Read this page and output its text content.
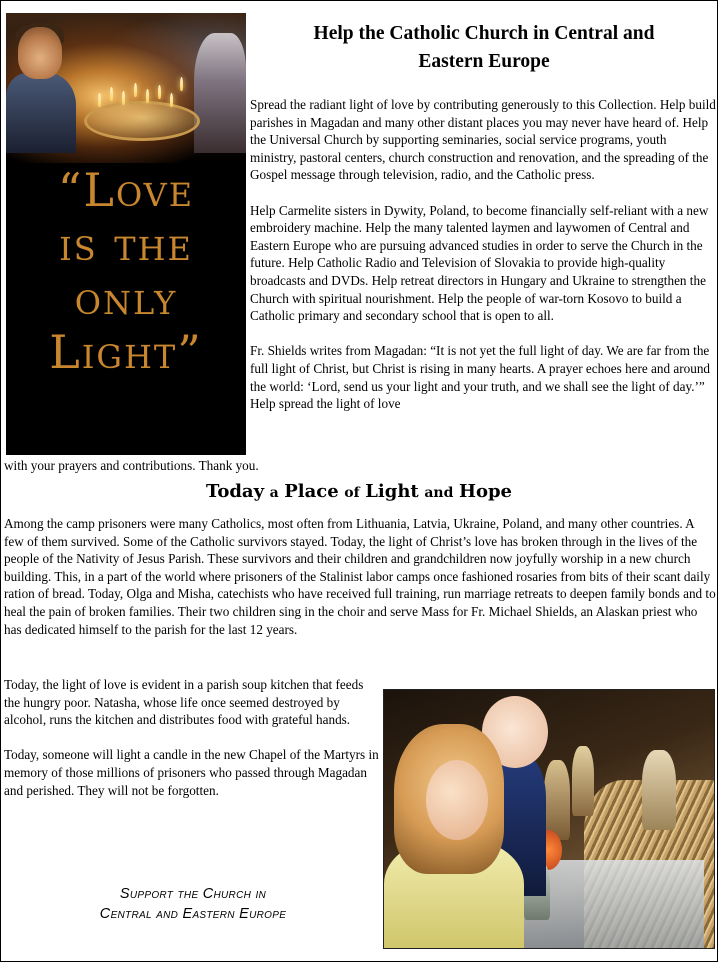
“Love
is the
only
Light”
Help the Catholic Church in Central and
Eastern Europe

Spread the radiant light of love by contributing generously to this Collection. Help build parishes in Magadan and many other distant places you may never have heard of. Help the Universal Church by supporting seminaries, social service programs, youth ministry, pastoral centers, church construction and renovation, and the spreading of the Gospel message through television, radio, and the Catholic press.

Help Carmelite sisters in Dywity, Poland, to become financially self-reliant with a new embroidery machine. Help the many talented laymen and laywomen of Central and Eastern Europe who are pursuing advanced studies in order to serve the Church in the future. Help Catholic Radio and Television of Slovakia to provide high-quality broadcasts and DVDs. Help retreat directors in Hungary and Ukraine to strengthen the Church with spiritual nourishment. Help the people of war-torn Kosovo to build a Catholic primary and secondary school that is open to all.

Fr. Shields writes from Magadan: “It is not yet the full light of day. We are far from the full light of Christ, but Christ is rising in many hearts. A prayer echoes here and around the world: ‘Lord, send us your light and your truth, and we shall see the light of day.’” Help spread the light of love

with your prayers and contributions. Thank you.
Today a Place of Light and Hope

Among the camp prisoners were many Catholics, most often from Lithuania, Latvia, Ukraine, Poland, and many other countries. A few of them survived. Some of the Catholic survivors stayed. Today, the light of Christ’s love has broken through in the lives of the people of the Nativity of Jesus Parish. These survivors and their children and grandchildren now joyfully worship in a new church building. This, in a part of the world where prisoners of the Stalinist labor camps once fashioned rosaries from bits of their scant daily ration of bread. Today, Olga and Misha, catechists who have received full training, run marriage retreats to deepen family bonds and to heal the pain of broken families. Their two children sing in the choir and serve Mass for Fr. Michael Shields, an Alaskan priest who has dedicated himself to the parish for the last 12 years.

Today, the light of love is evident in a parish soup kitchen that feeds the hungry poor. Natasha, whose life once seemed destroyed by alcohol, runs the kitchen and distributes food with grateful hands.

Today, someone will light a candle in the new Chapel of the Martyrs in memory of those millions of prisoners who passed through Magadan and perished. They will not be forgotten.

Support the Church in
Central and Eastern Europe
